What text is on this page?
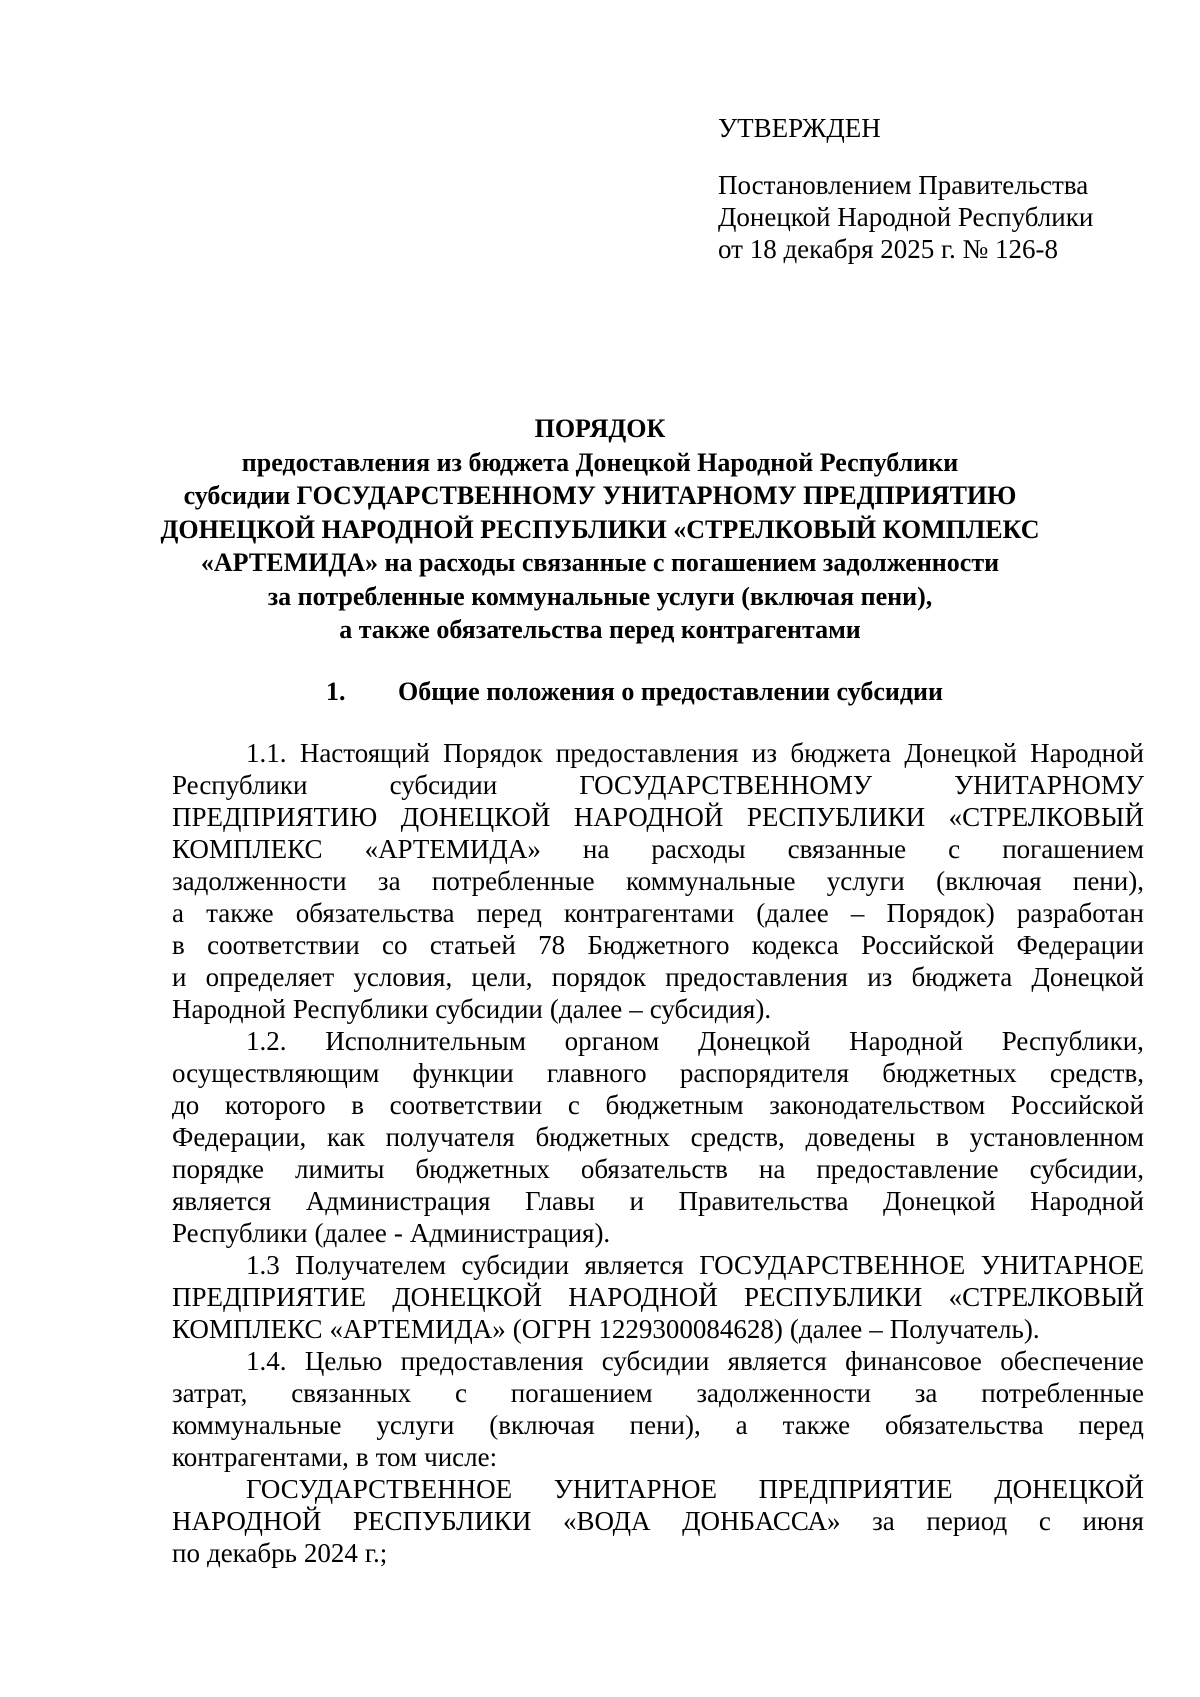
УТВЕРЖДЕН
Постановлением Правительства
Донецкой Народной Республики
от 18 декабря 2025 г. № 126-8
ПОРЯДОК
предоставления из бюджета Донецкой Народной Республики
субсидии ГОСУДАРСТВЕННОМУ УНИТАРНОМУ ПРЕДПРИЯТИЮ
ДОНЕЦКОЙ НАРОДНОЙ РЕСПУБЛИКИ «СТРЕЛКОВЫЙ КОМПЛЕКС
«АРТЕМИДА» на расходы связанные с погашением задолженности
за потребленные коммунальные услуги (включая пени),
а также обязательства перед контрагентами
1. Общие положения о предоставлении субсидии
1.1. Настоящий Порядок предоставления из бюджета Донецкой Народной
Республики	субсидии	ГОСУДАРСТВЕННОМУ	УНИТАРНОМУ
ПРЕДПРИЯТИЮ ДОНЕЦКОЙ НАРОДНОЙ РЕСПУБЛИКИ «СТРЕЛКОВЫЙ
КОМПЛЕКС «АРТЕМИДА» на расходы связанные с погашением
задолженности за потребленные коммунальные услуги (включая пени),
а также обязательства перед контрагентами (далее – Порядок) разработан
в соответствии со статьей 78 Бюджетного кодекса Российской Федерации
и определяет условия, цели, порядок предоставления из бюджета Донецкой
Народной Республики субсидии (далее – субсидия).
1.2. Исполнительным органом Донецкой Народной Республики,
осуществляющим функции главного распорядителя бюджетных средств,
до которого в соответствии с бюджетным законодательством Российской
Федерации, как получателя бюджетных средств, доведены в установленном
порядке лимиты бюджетных обязательств на предоставление субсидии,
является Администрация Главы и Правительства Донецкой Народной
Республики (далее - Администрация).
1.3 Получателем субсидии является ГОСУДАРСТВЕННОЕ УНИТАРНОЕ
ПРЕДПРИЯТИЕ ДОНЕЦКОЙ НАРОДНОЙ РЕСПУБЛИКИ «СТРЕЛКОВЫЙ
КОМПЛЕКС «АРТЕМИДА» (ОГРН 1229300084628) (далее – Получатель).
1.4. Целью предоставления субсидии является финансовое обеспечение
затрат, связанных с погашением задолженности за потребленные
коммунальные услуги (включая пени), а также обязательства перед
контрагентами, в том числе:
ГОСУДАРСТВЕННОЕ УНИТАРНОЕ ПРЕДПРИЯТИЕ ДОНЕЦКОЙ
НАРОДНОЙ РЕСПУБЛИКИ «ВОДА ДОНБАССА» за период с июня
по декабрь 2024 г.;
